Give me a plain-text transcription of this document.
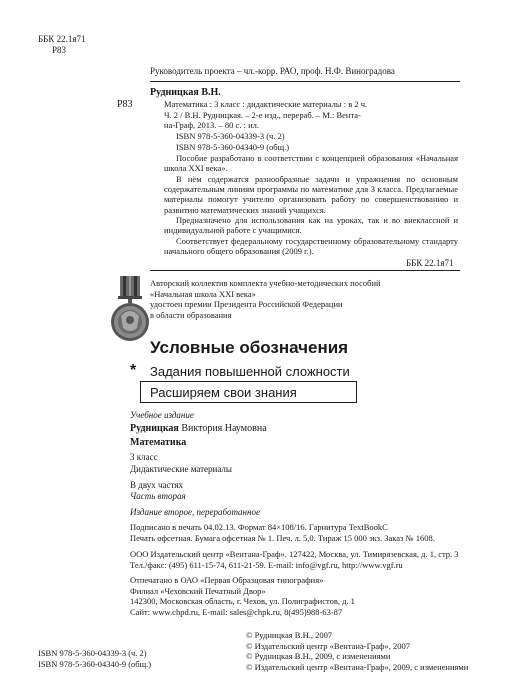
ББК 22.1я71
Р83
Руководитель проекта – чл.-корр. РАО, проф. Н.Ф. Виноградова
Рудницкая В.Н.
Р83	Математика : 3 класс : дидактические материалы : в 2 ч.
Ч. 2 / В.Н. Рудницкая. – 2-е изд., перераб. – М.: Вента-
на-Граф, 2013. – 80 с. : ил.
ISBN 978-5-360-04339-3 (ч. 2)
ISBN 978-5-360-04340-9 (общ.)
Пособие разработано в соответствии с концепцией образования «Начальная школа XXI века».
В нём содержатся разнообразные задачи и упражнения по основным содержательным линиям программы по математике для 3 класса. Предлагаемые материалы помогут учителю организовать работу по совершенствованию и развитию математических знаний учащихся.
Предназначено для использования как на уроках, так и во внеклассной и индивидуальной работе с учащимися.
Соответствует федеральному государственному образовательному стандарту начального общего образования (2009 г.).
ББК 22.1я71
Авторский коллектив комплекта учебно-методических пособий
«Начальная школа XXI века»
удостоен премии Президента Российской Федерации
в области образования
Условные обозначения
* Задания повышенной сложности
Расширяем свои знания
Учебное издание
Рудницкая Виктория Наумовна
Математика
3 класс
Дидактические материалы
В двух частях
Часть вторая
Издание второе, переработанное
Подписано в печать 04.02.13. Формат 84×108/16. Гарнитура TextBookC
Печать офсетная. Бумага офсетная № 1. Печ. л. 5,0. Тираж 15 000 экз. Заказ № 1608.
ООО Издательский центр «Вентана-Граф». 127422, Москва, ул. Тимирязевская, д. 1, стр. 3
Тел./факс: (495) 611-15-74, 611-21-59. E-mail: info@vgf.ru, http://www.vgf.ru
Отпечатано в ОАО «Первая Образцовая типография»
Филиал «Чеховский Печатный Двор»
142300, Московская область, г. Чехов, ул. Полиграфистов, д. 1
Сайт: www.chpd.ru, E-mail: sales@chpk.ru, 8(495)988-63-87
ISBN 978-5-360-04339-3 (ч. 2)
ISBN 978-5-360-04340-9 (общ.)
© Рудницкая В.Н., 2007
© Издательский центр «Вентана-Граф», 2007
© Рудницкая В.Н., 2009, с изменениями
© Издательский центр «Вентана-Граф», 2009, с изменениями
